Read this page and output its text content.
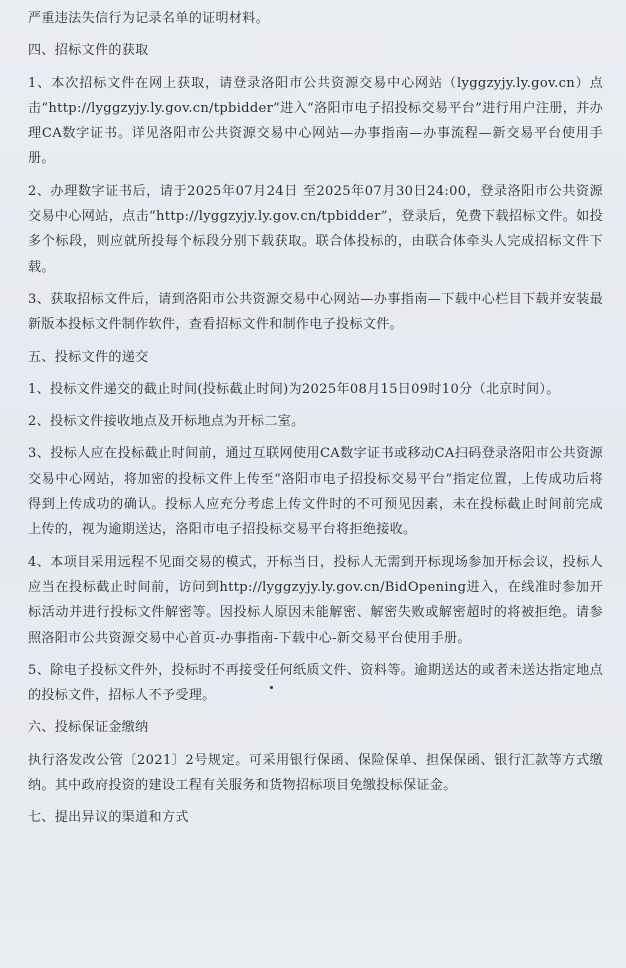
严重违法失信行为记录名单的证明材料。

四、招标文件的获取

1、本次招标文件在网上获取，请登录洛阳市公共资源交易中心网站（lyggzyjy.ly.gov.cn）点击“http://lyggzyjy.ly.gov.cn/tpbidder”进入“洛阳市电子招投标交易平台”进行用户注册，并办理CA数字证书。详见洛阳市公共资源交易中心网站—办事指南—办事流程—新交易平台使用手册。

2、办理数字证书后，请于2025年07月24日 至2025年07月30日24:00，登录洛阳市公共资源交易中心网站，点击“http://lyggzyjy.ly.gov.cn/tpbidder”，登录后，免费下载招标文件。如投多个标段，则应就所投每个标段分别下载获取。联合体投标的，由联合体牵头人完成招标文件下载。

3、获取招标文件后，请到洛阳市公共资源交易中心网站—办事指南—下载中心栏目下载并安装最新版本投标文件制作软件，查看招标文件和制作电子投标文件。

五、投标文件的递交

1、投标文件递交的截止时间(投标截止时间)为2025年08月15日09时10分（北京时间）。

2、投标文件接收地点及开标地点为开标二室。

3、投标人应在投标截止时间前，通过互联网使用CA数字证书或移动CA扫码登录洛阳市公共资源交易中心网站，将加密的投标文件上传至“洛阳市电子招投标交易平台”指定位置，上传成功后将得到上传成功的确认。投标人应充分考虑上传文件时的不可预见因素，未在投标截止时间前完成上传的，视为逾期送达，洛阳市电子招投标交易平台将拒绝接收。

4、本项目采用远程不见面交易的模式，开标当日，投标人无需到开标现场参加开标会议，投标人应当在投标截止时间前，访问到http://lyggzyjy.ly.gov.cn/BidOpening进入，在线准时参加开标活动并进行投标文件解密等。因投标人原因未能解密、解密失败或解密超时的将被拒绝。请参照洛阳市公共资源交易中心首页-办事指南-下载中心-新交易平台使用手册。

5、除电子投标文件外，投标时不再接受任何纸质文件、资料等。逾期送达的或者未送达指定地点的投标文件，招标人不予受理。

六、投标保证金缴纳

执行洛发改公管〔2021〕2号规定。可采用银行保函、保险保单、担保保函、银行汇款等方式缴纳。其中政府投资的建设工程有关服务和货物招标项目免缴投标保证金。

七、提出异议的渠道和方式
